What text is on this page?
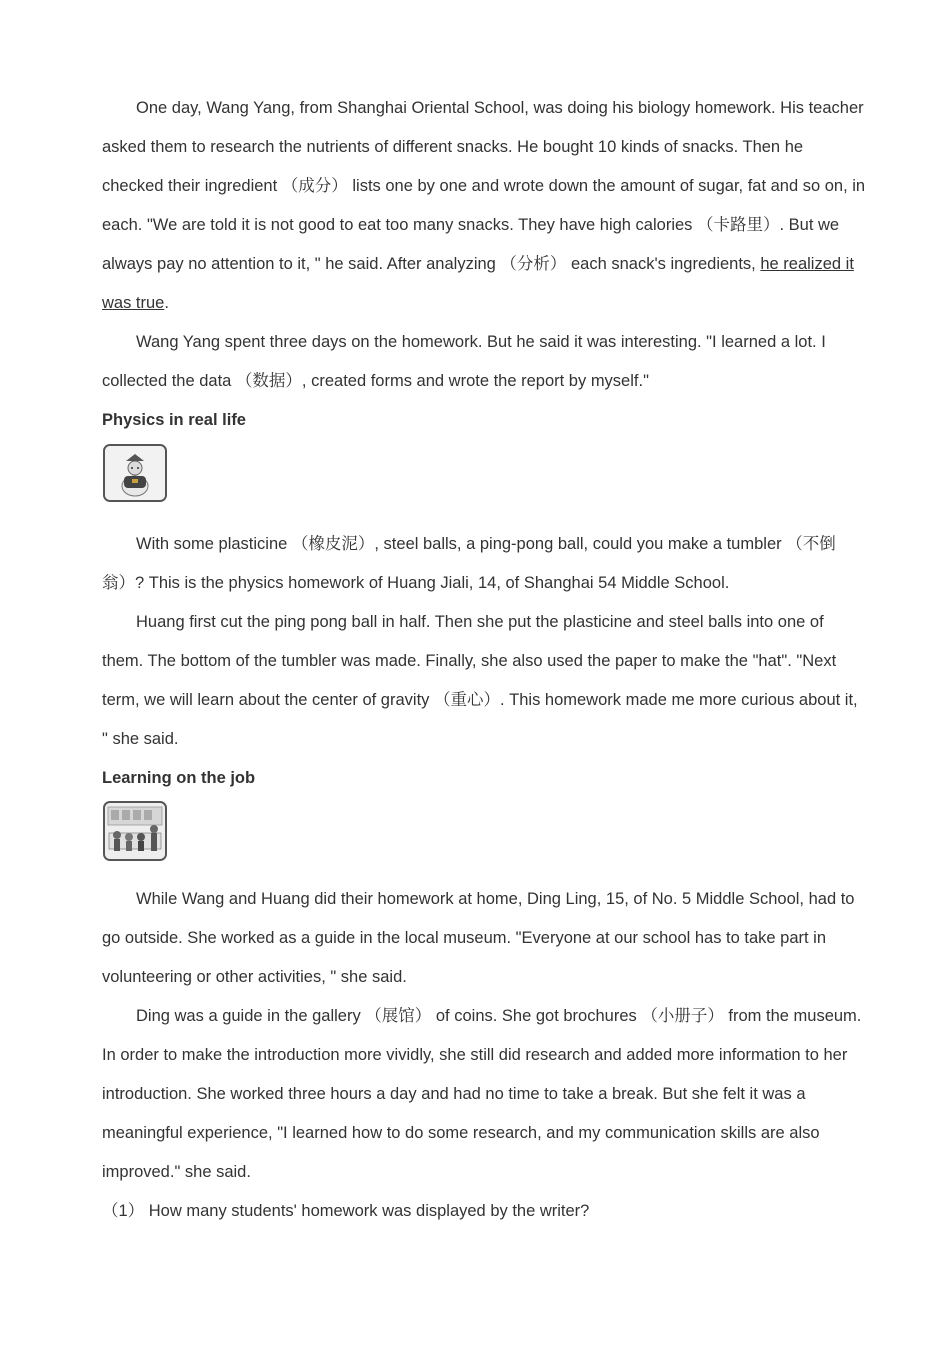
One day, Wang Yang, from Shanghai Oriental School, was doing his biology homework. His teacher asked them to research the nutrients of different snacks. He bought 10 kinds of snacks. Then he checked their ingredient （成分） lists one by one and wrote down the amount of sugar, fat and so on, in each. "We are told it is not good to eat too many snacks. They have high calories （卡路里）. But we always pay no attention to it, " he said. After analyzing （分析） each snack's ingredients, he realized it was true.

Wang Yang spent three days on the homework. But he said it was interesting. "I learned a lot. I collected the data （数据）, created forms and wrote the report by myself."

Physics in real life

With some plasticine （橡皮泥）, steel balls, a ping-pong ball, could you make a tumbler （不倒翁）? This is the physics homework of Huang Jiali, 14, of Shanghai 54 Middle School.

Huang first cut the ping pong ball in half. Then she put the plasticine and steel balls into one of them. The bottom of the tumbler was made. Finally, she also used the paper to make the "hat". "Next term, we will learn about the center of gravity （重心）. This homework made me more curious about it, " she said.

Learning on the job

While Wang and Huang did their homework at home, Ding Ling, 15, of No. 5 Middle School, had to go outside. She worked as a guide in the local museum. "Everyone at our school has to take part in volunteering or other activities, " she said.

Ding was a guide in the gallery （展馆） of coins. She got brochures （小册子） from the museum. In order to make the introduction more vividly, she still did research and added more information to her introduction. She worked three hours a day and had no time to take a break. But she felt it was a meaningful experience, "I learned how to do some research, and my communication skills are also improved." she said.

（1） How many students' homework was displayed by the writer?
